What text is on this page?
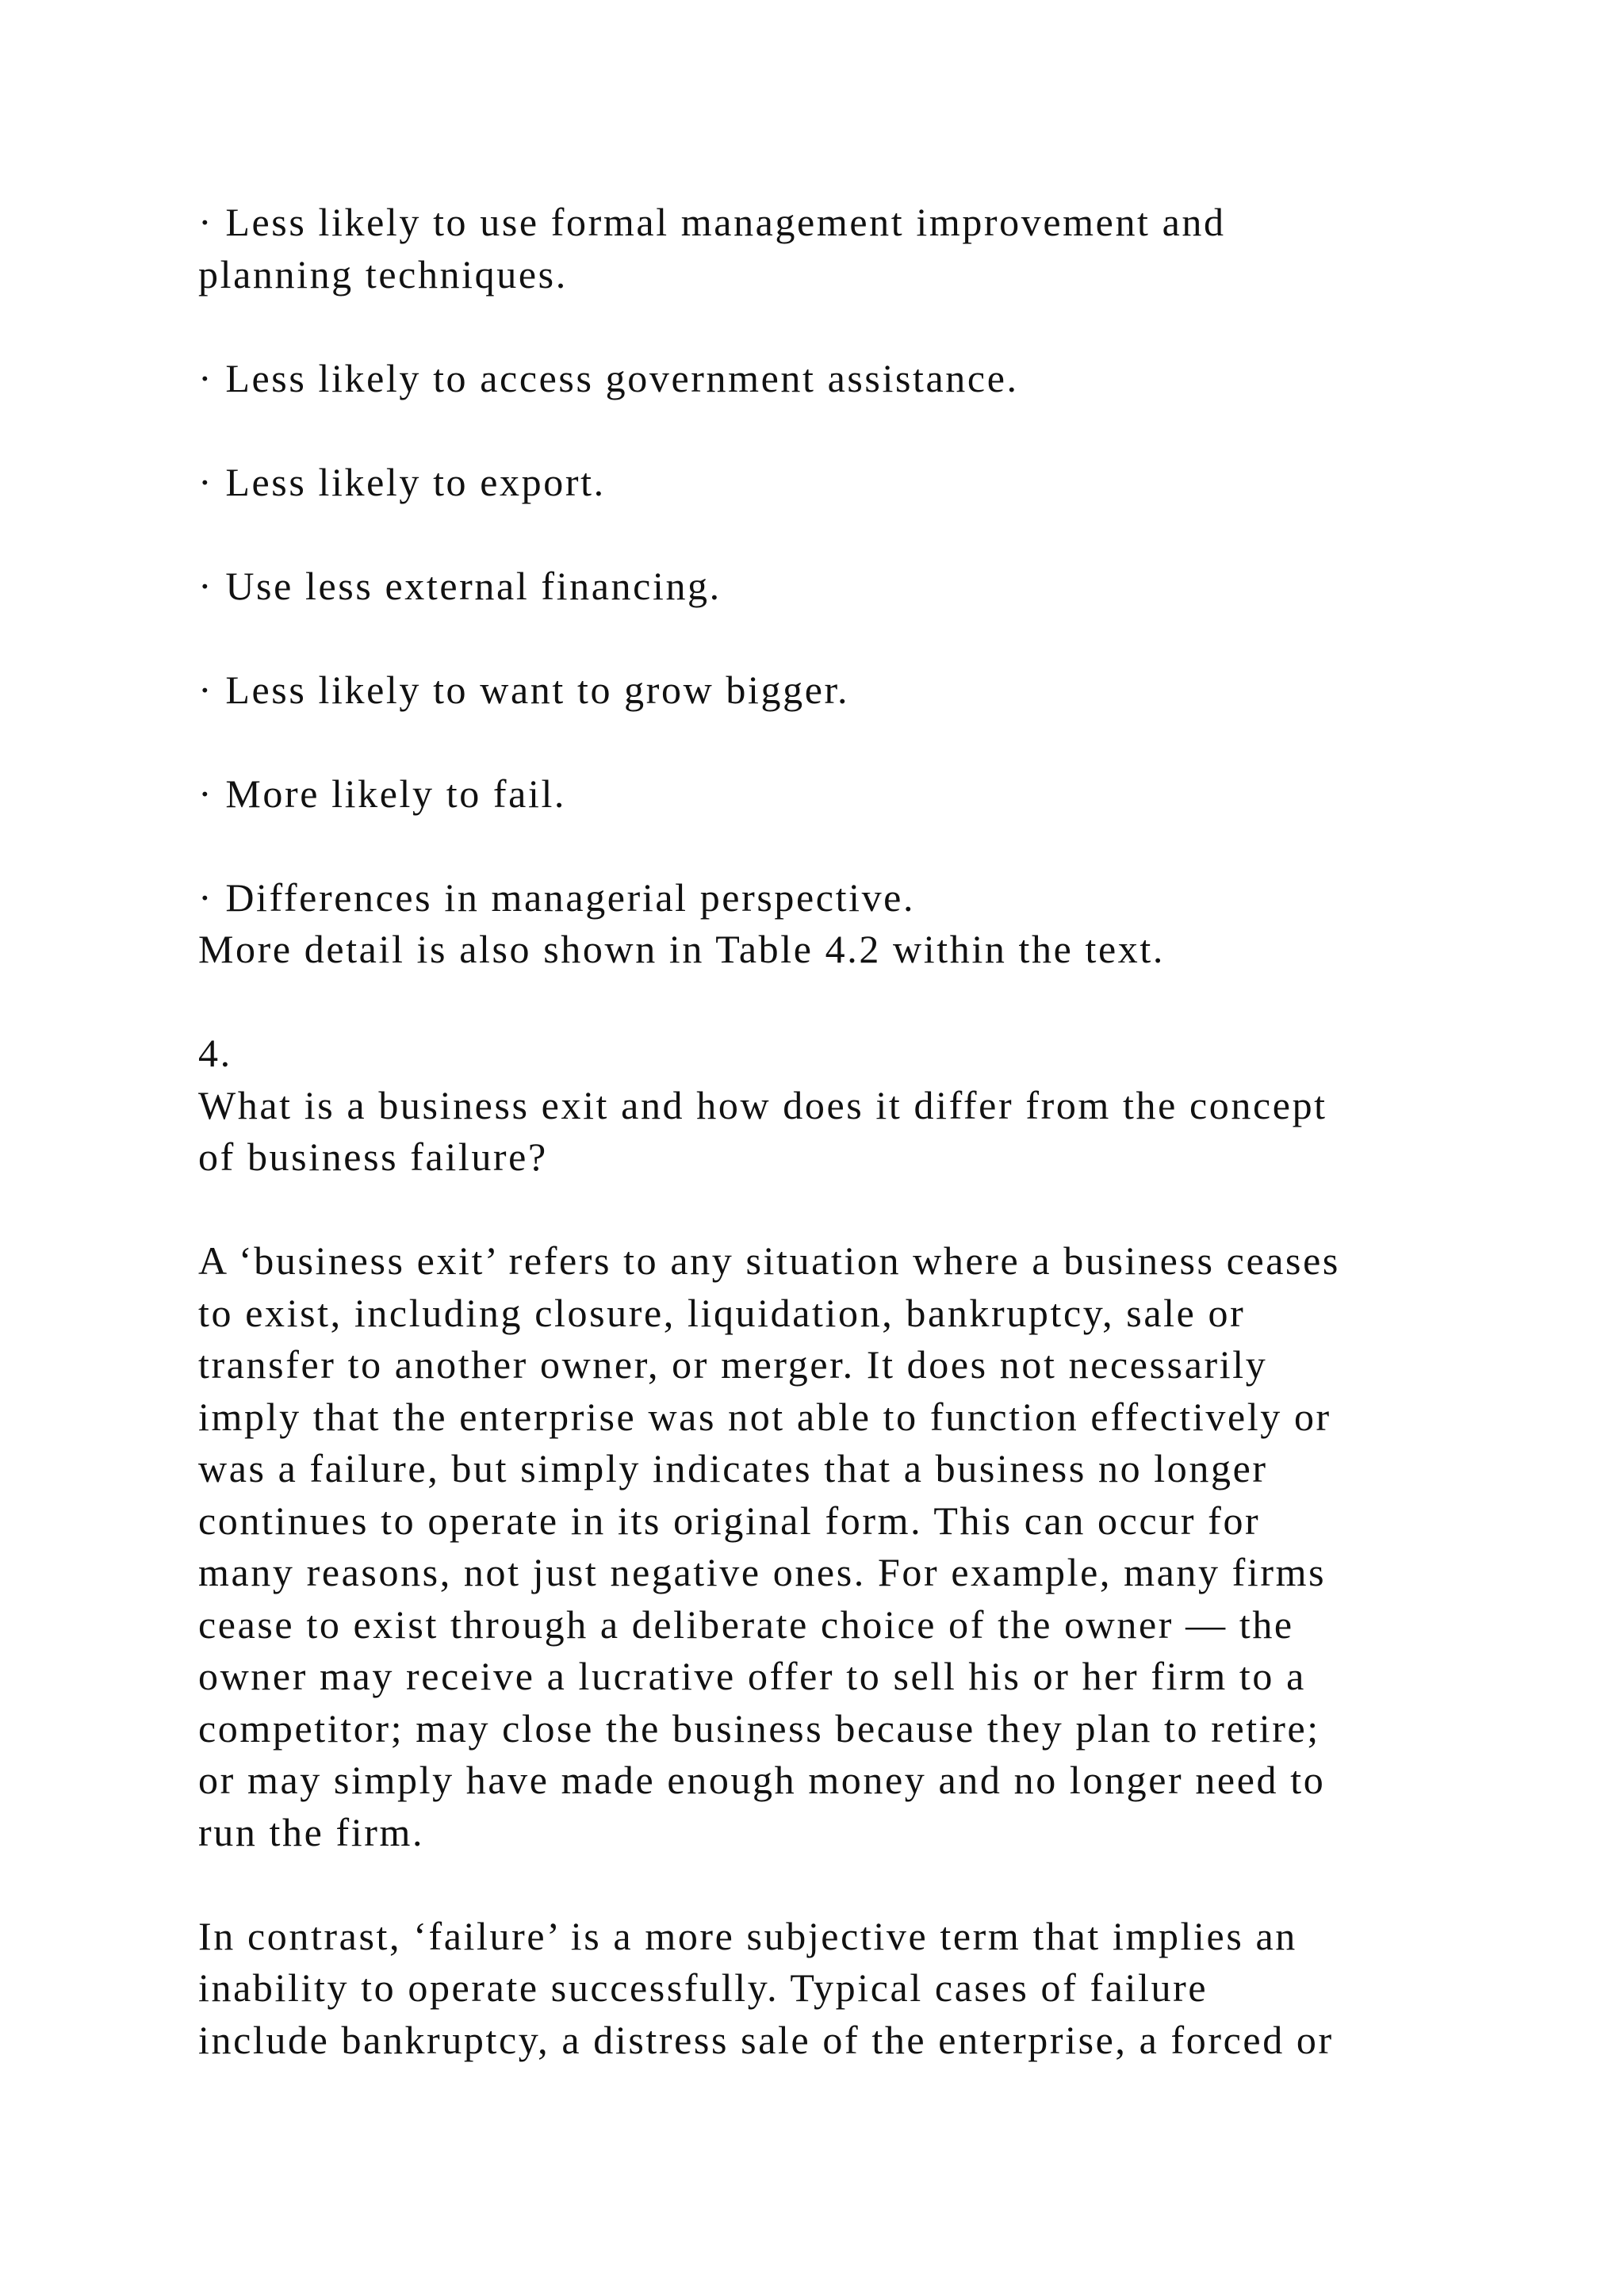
· Less likely to use formal management improvement and
planning techniques.
· Less likely to access government assistance.
· Less likely to export.
· Use less external financing.
· Less likely to want to grow bigger.
· More likely to fail.
· Differences in managerial perspective.
More detail is also shown in Table 4.2 within the text.
4.
What is a business exit and how does it differ from the concept
of business failure?
A ‘business exit’ refers to any situation where a business ceases
to exist, including closure, liquidation, bankruptcy, sale or
transfer to another owner, or merger. It does not necessarily
imply that the enterprise was not able to function effectively or
was a failure, but simply indicates that a business no longer
continues to operate in its original form. This can occur for
many reasons, not just negative ones. For example, many firms
cease to exist through a deliberate choice of the owner — the
owner may receive a lucrative offer to sell his or her firm to a
competitor; may close the business because they plan to retire;
or may simply have made enough money and no longer need to
run the firm.
In contrast, ‘failure’ is a more subjective term that implies an
inability to operate successfully. Typical cases of failure
include bankruptcy, a distress sale of the enterprise, a forced or
